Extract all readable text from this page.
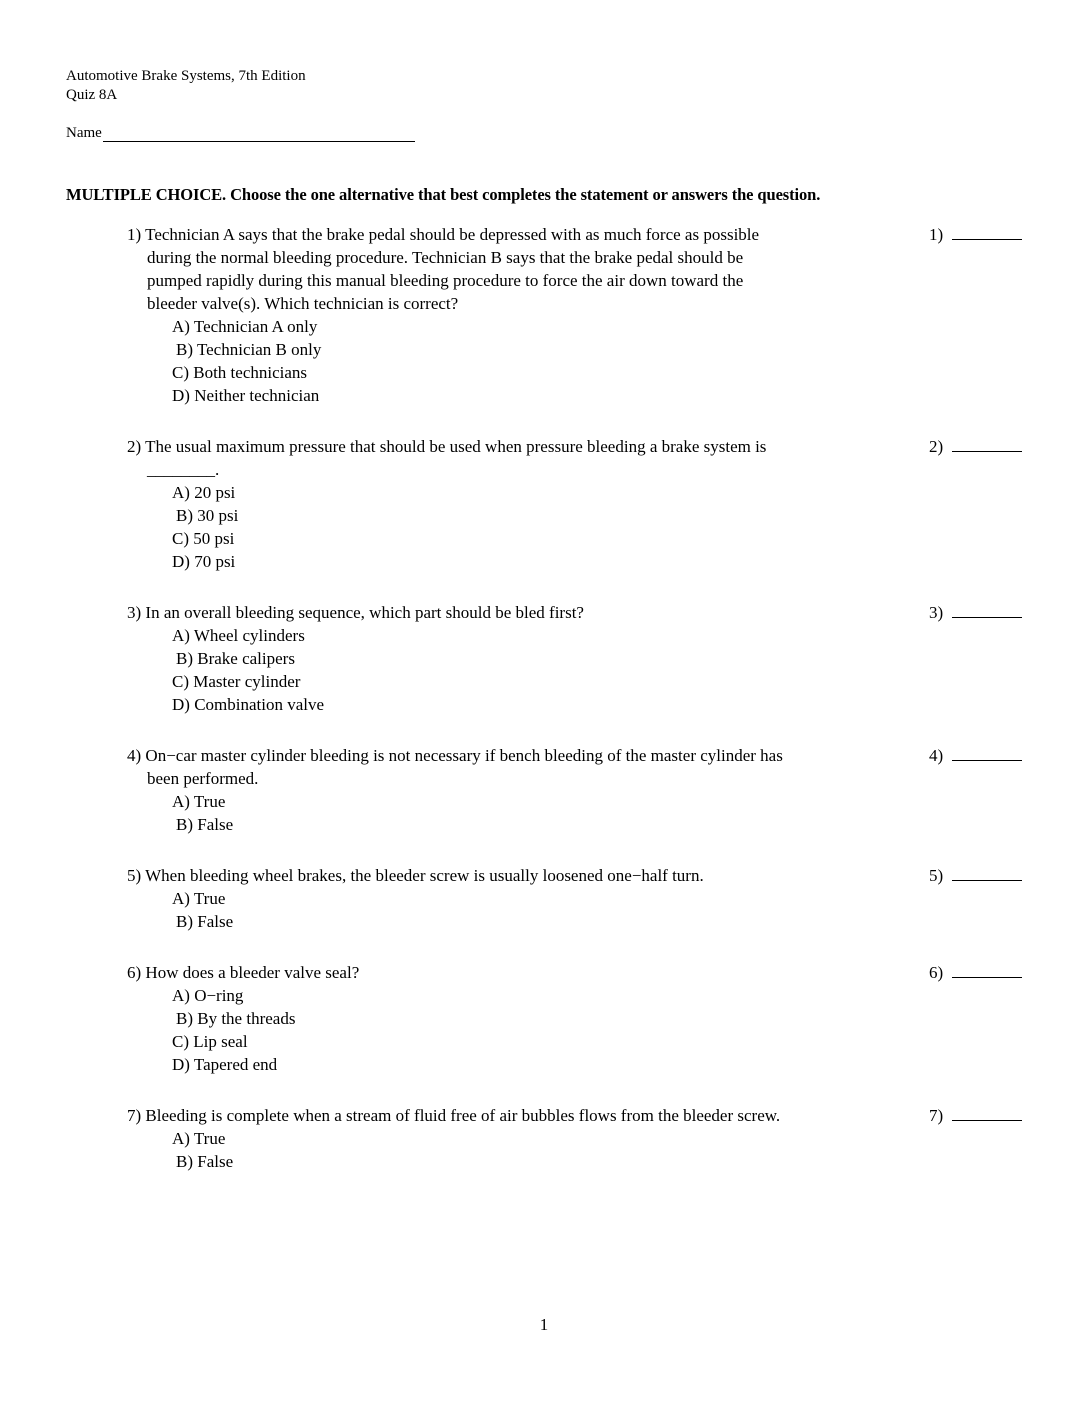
Automotive Brake Systems, 7th Edition
Quiz 8A
Name
MULTIPLE CHOICE. Choose the one alternative that best completes the statement or answers the question.
1) Technician A says that the brake pedal should be depressed with as much force as possible
during the normal bleeding procedure. Technician B says that the brake pedal should be
pumped rapidly during this manual bleeding procedure to force the air down toward the
bleeder valve(s). Which technician is correct?
A) Technician A only
B) Technician B only
C) Both technicians
D) Neither technician
1)
2) The usual maximum pressure that should be used when pressure bleeding a brake system is
________.
A) 20 psi
B) 30 psi
C) 50 psi
D) 70 psi
2)
3) In an overall bleeding sequence, which part should be bled first?
A) Wheel cylinders
B) Brake calipers
C) Master cylinder
D) Combination valve
3)
4) On−car master cylinder bleeding is not necessary if bench bleeding of the master cylinder has
been performed.
A) True
B) False
4)
5) When bleeding wheel brakes, the bleeder screw is usually loosened one−half turn.
A) True
B) False
5)
6) How does a bleeder valve seal?
A) O−ring
B) By the threads
C) Lip seal
D) Tapered end
6)
7) Bleeding is complete when a stream of fluid free of air bubbles flows from the bleeder screw.
A) True
B) False
7)
1
